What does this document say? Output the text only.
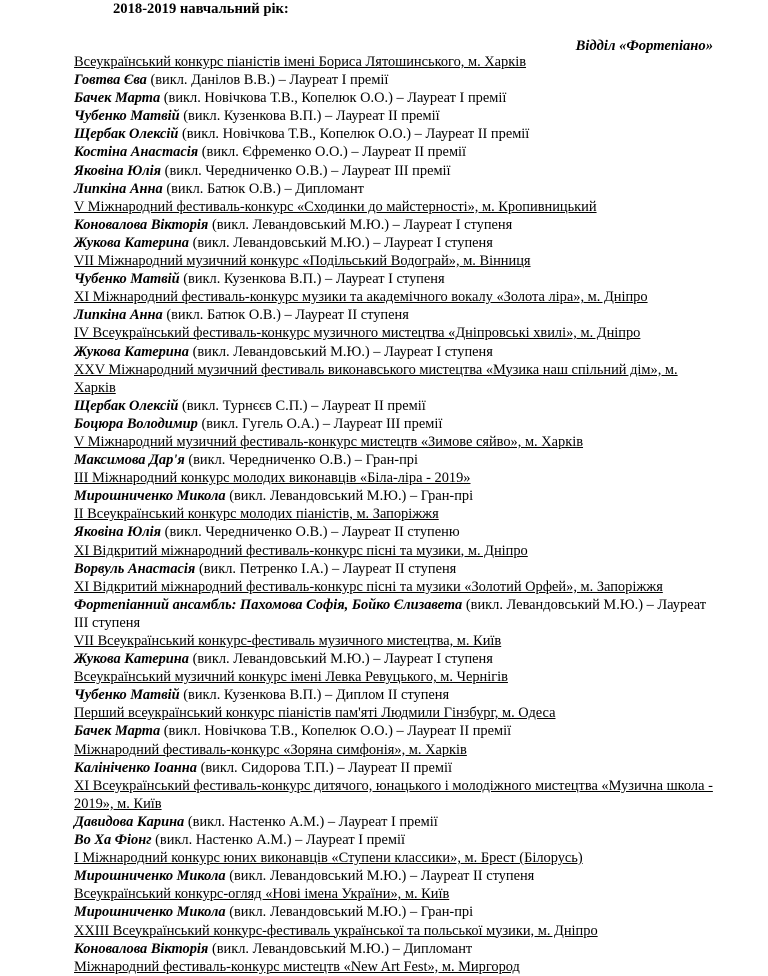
2018-2019 навчальний рік:

Відділ «Фортепіано»

Всеукраїнський конкурс піаністів імені Бориса Лятошинського, м. Харків
Говтва Єва (викл. Данілов В.В.) – Лауреат І премії
Бачек Марта (викл. Новічкова Т.В., Копелюк О.О.) – Лауреат І премії
Чубенко Матвій (викл. Кузенкова В.П.) – Лауреат ІІ премії
Щербак Олексій (викл. Новічкова Т.В., Копелюк О.О.) – Лауреат ІІ премії
Костіна Анастасія (викл. Єфременко О.О.) – Лауреат ІІ премії
Яковіна Юлія (викл. Чередниченко О.В.) – Лауреат ІІІ премії
Липкіна Анна (викл. Батюк О.В.) – Дипломант
V Міжнародний фестиваль-конкурс «Сходинки до майстерності», м. Кропивницький
Коновалова Вікторія (викл. Левандовський М.Ю.) – Лауреат І ступеня
Жукова Катерина (викл. Левандовський М.Ю.) – Лауреат І ступеня
VII Міжнародний музичний конкурс «Подільський Водограй», м. Вінниця
Чубенко Матвій (викл. Кузенкова В.П.) – Лауреат І ступеня
ХІ Міжнародний фестиваль-конкурс музики та академічного вокалу «Золота ліра», м. Дніпро
Липкіна Анна (викл. Батюк О.В.) – Лауреат ІІ ступеня
IV Всеукраїнський фестиваль-конкурс музичного мистецтва «Дніпровські хвилі», м. Дніпро
Жукова Катерина (викл. Левандовський М.Ю.) – Лауреат І ступеня
ХХV Міжнародний музичний фестиваль виконавського мистецтва «Музика наш спільний дім», м. Харків
Щербак Олексій (викл. Турнєєв С.П.) – Лауреат ІІ премії
Боцюра Володимир (викл. Гугель О.А.) – Лауреат ІІІ премії
V Міжнародний музичний фестиваль-конкурс мистецтв «Зимове сяйво», м. Харків
Максимова Дар'я (викл. Чередниченко О.В.) – Гран-прі
ІІІ Міжнародний конкурс молодих виконавців «Біла-ліра - 2019»
Мирошниченко Микола (викл. Левандовський М.Ю.) – Гран-прі
ІІ Всеукраїнський конкурс молодих піаністів, м. Запоріжжя
Яковіна Юлія (викл. Чередниченко О.В.) – Лауреат ІІ ступеню
ХІ Відкритий міжнародний фестиваль-конкурс пісні та музики, м. Дніпро
Ворвуль Анастасія (викл. Петренко І.А.) – Лауреат ІІ ступеня
ХІ Відкритий міжнародний фестиваль-конкурс пісні та музики «Золотий Орфей», м. Запоріжжя
Фортепіанний ансамбль: Пахомова Софія, Бойко Єлизавета (викл. Левандовський М.Ю.) – Лауреат ІІІ ступеня
VII Всеукраїнський конкурс-фестиваль музичного мистецтва, м. Київ
Жукова Катерина (викл. Левандовський М.Ю.) – Лауреат І ступеня
Всеукраїнський музичний конкурс імені Левка Ревуцького, м. Чернігів
Чубенко Матвій (викл. Кузенкова В.П.) – Диплом ІІ ступеня
Перший всеукраїнський конкурс піаністів пам'яті Людмили Гінзбург, м. Одеса
Бачек Марта (викл. Новічкова Т.В., Копелюк О.О.) – Лауреат ІІ премії
Міжнародний фестиваль-конкурс «Зоряна симфонія», м. Харків
Калініченко Іоанна (викл. Сидорова Т.П.) – Лауреат ІІ премії
ХІ Всеукраїнський фестиваль-конкурс дитячого, юнацького і молодіжного мистецтва «Музична школа - 2019», м. Київ
Давидова Карина (викл. Настенко А.М.) – Лауреат І премії
Во Ха Фіонг (викл. Настенко А.М.) – Лауреат І премії
І Міжнародний конкурс юних виконавців «Ступени классики», м. Брест (Білорусь)
Мирошниченко Микола (викл. Левандовський М.Ю.) – Лауреат ІІ ступеня
Всеукраїнський конкурс-огляд «Нові імена України», м. Київ
Мирошниченко Микола (викл. Левандовський М.Ю.) – Гран-прі
ХХІІІ Всеукраїнський конкурс-фестиваль української та польської музики, м. Дніпро
Коновалова Вікторія (викл. Левандовський М.Ю.) – Дипломант
Міжнародний фестиваль-конкурс мистецтв «New Art Fest», м. Миргород
